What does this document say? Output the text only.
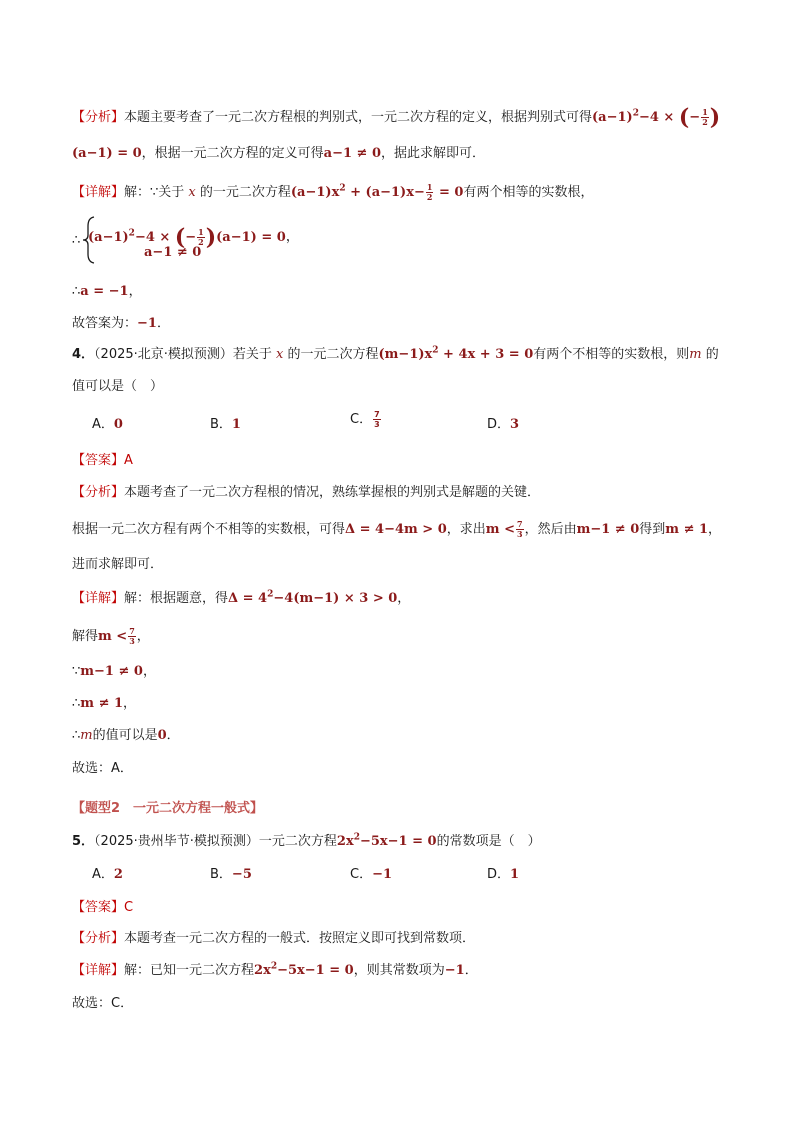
【分析】本题主要考查了一元二次方程根的判别式，一元二次方程的定义，根据判别式可得$(a-1)^2-4$ × (− $\frac{1}{2}$ )
(a−1) = 0，根据一元二次方程的定义可得a−1 ≠ 0，据此求解即可．
【详解】解：∵关于 x 的一元二次方程$(a-1)x^2 + (a-1)x- \frac{1}{2} = 0$有两个相等的实数根，
∴ $(a-1)^2-4$ × (− $\frac{1}{2} )(a-1) = 0$，
a−1 ≠ 0
∴a = −1，
故答案为：−1．
4．（2025·北京·模拟预测）若关于 x 的一元二次方程$(m-1)x^2 + 4x + 3 = 0$有两个不相等的实数根，则m 的
值可以是（　）
A．0	B．1	C． $\frac{7}{3}$	D．3
【答案】A
【分析】本题考查了一元二次方程根的情况，熟练掌握根的判别式是解题的关键．
根据一元二次方程有两个不相等的实数根，可得Δ = 4−4m > 0，求出$m < \frac{7}{3}$ ，然后由m−1 ≠ 0得到m ≠ 1，
进而求解即可．
【详解】解：根据题意，得$\Delta = 4^2-4(m-1) \times 3 > 0$，
解得$m < \frac{7}{3}$ ，
∵m−1 ≠ 0，
∴m ≠ 1，
∴m的值可以是0．
故选：A．
【题型2　一元二次方程一般式】
5．（2025·贵州毕节·模拟预测）一元二次方程$2x^2-5x-1 = 0$的常数项是（　）
A．2	B．−5	C．−1	D．1
【答案】C
【分析】本题考查一元二次方程的一般式．按照定义即可找到常数项．
【详解】解：已知一元二次方程$2x^2-5x-1 = 0$，则其常数项为−1．
故选：C．
